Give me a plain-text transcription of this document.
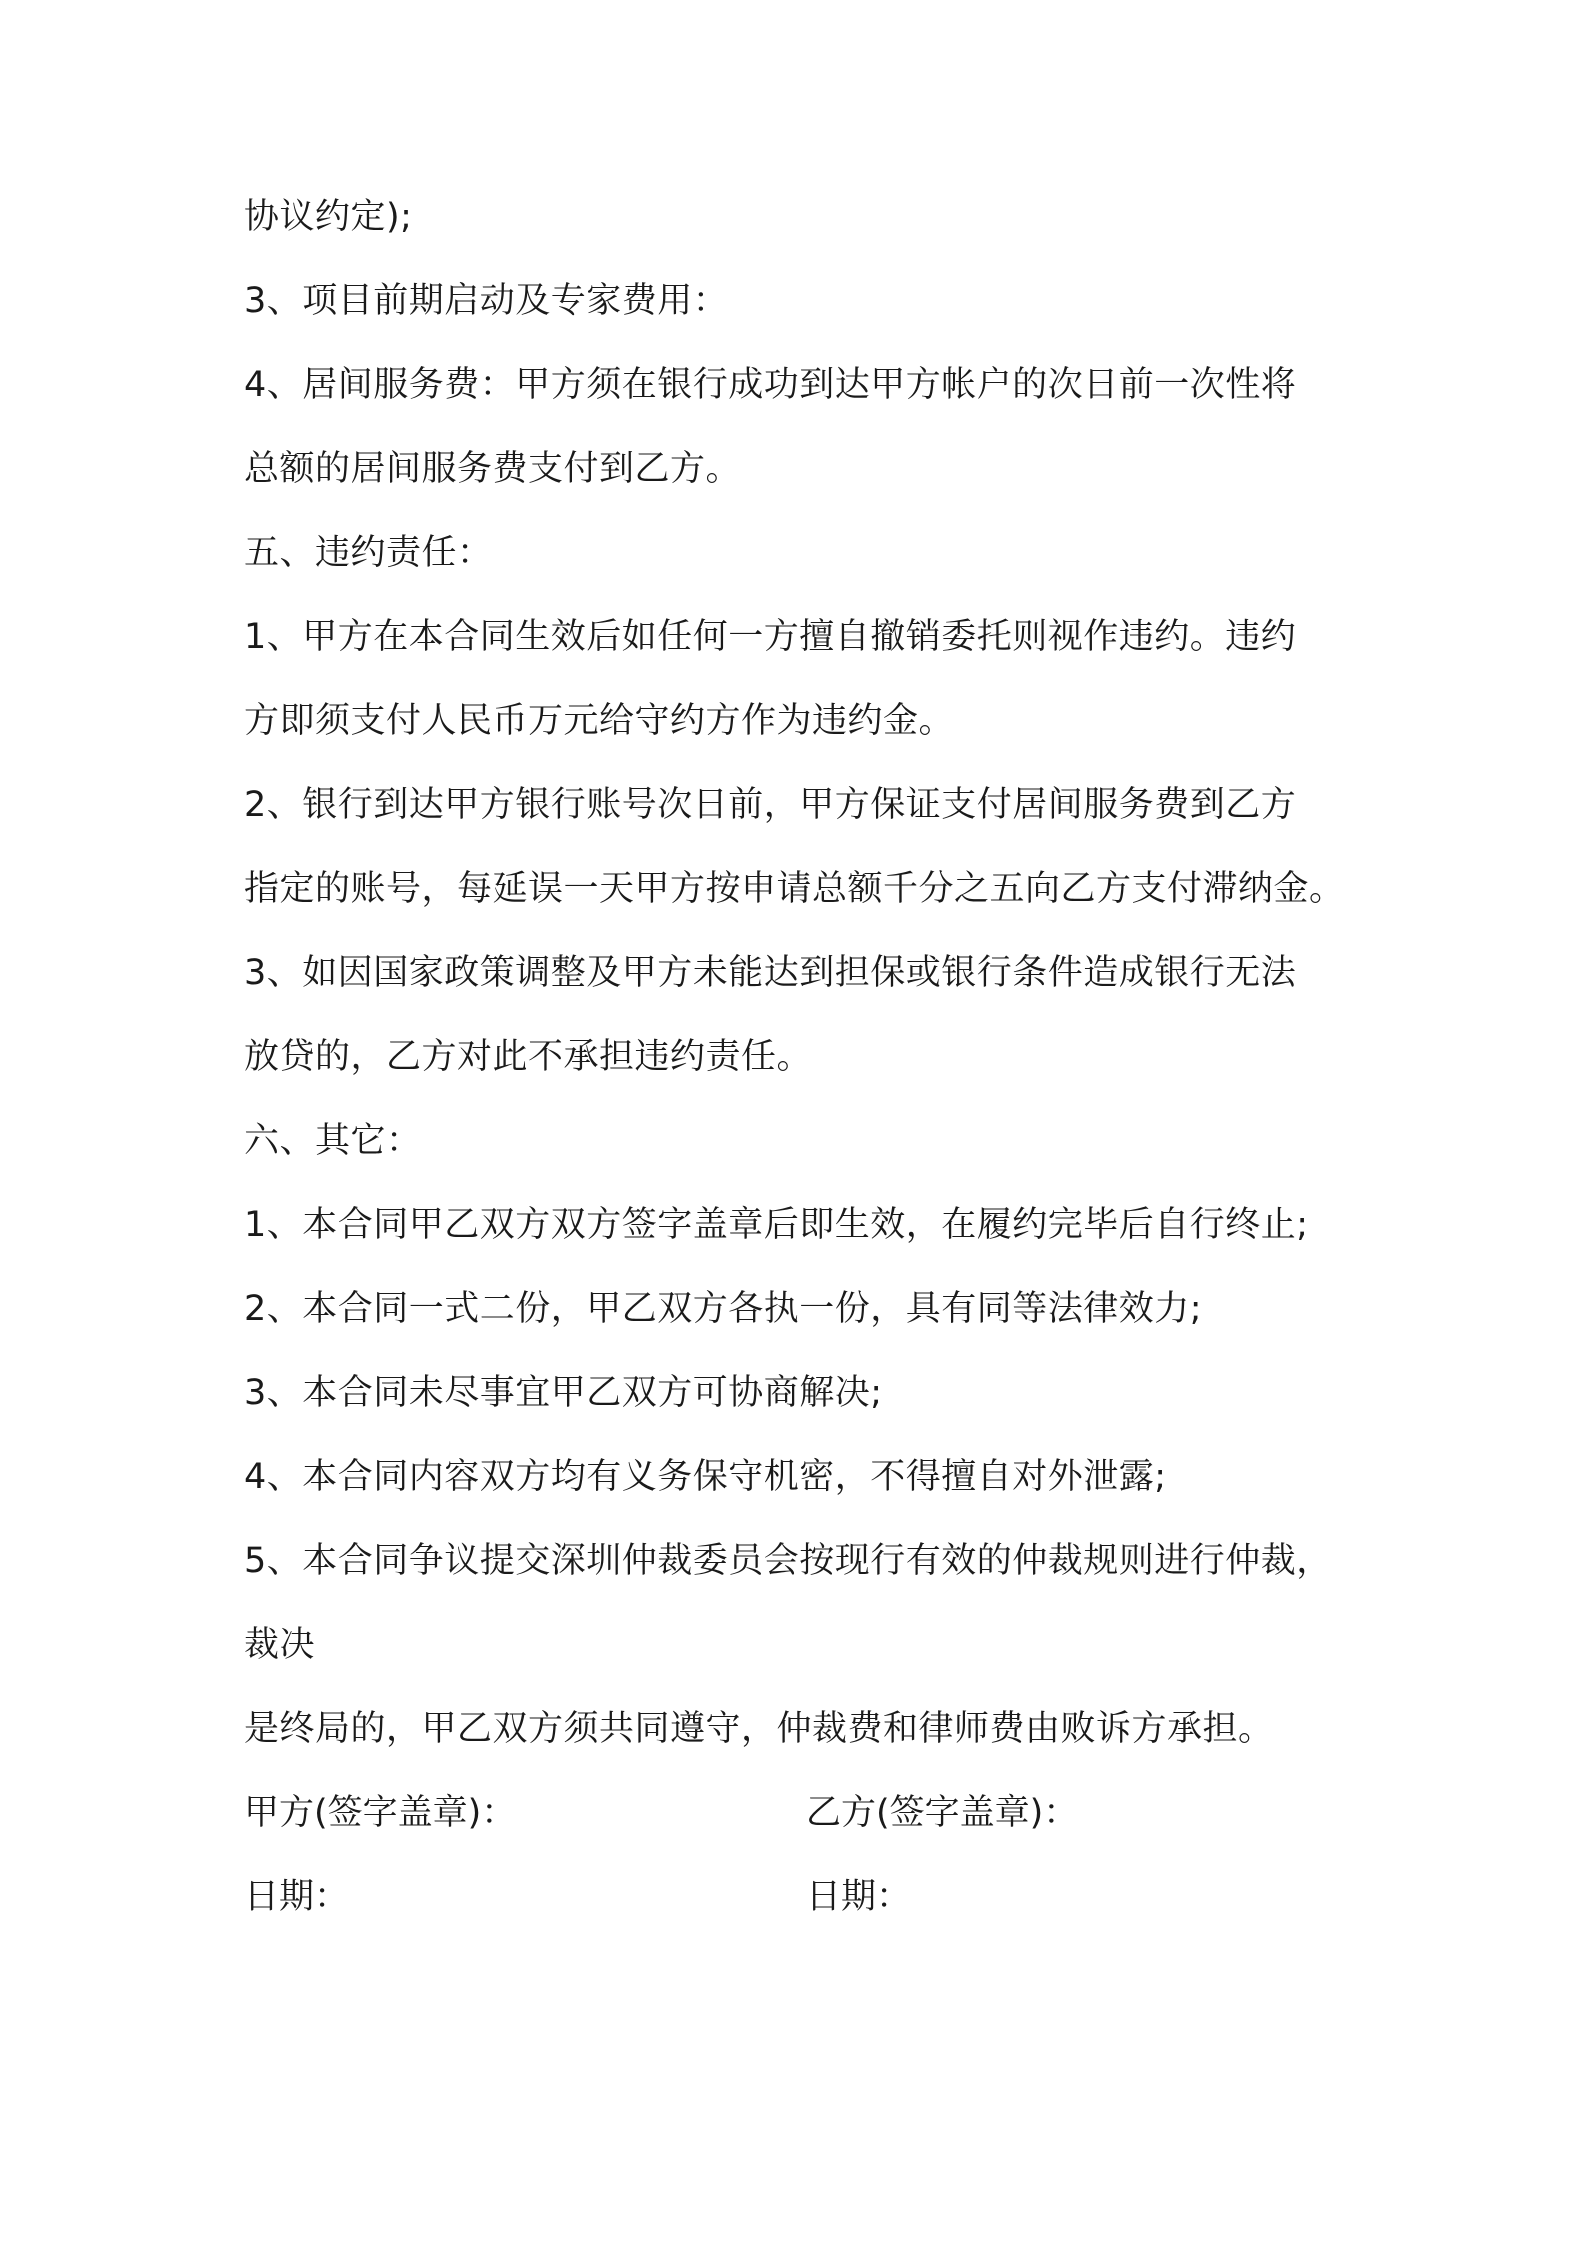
协议约定);
3、项目前期启动及专家费用：
4、居间服务费：甲方须在银行成功到达甲方帐户的次日前一次性将
总额的居间服务费支付到乙方。
五、违约责任：
1、甲方在本合同生效后如任何一方擅自撤销委托则视作违约。违约
方即须支付人民币万元给守约方作为违约金。
2、银行到达甲方银行账号次日前，甲方保证支付居间服务费到乙方
指定的账号，每延误一天甲方按申请总额千分之五向乙方支付滞纳金。
3、如因国家政策调整及甲方未能达到担保或银行条件造成银行无法
放贷的，乙方对此不承担违约责任。
六、其它：
1、本合同甲乙双方双方签字盖章后即生效，在履约完毕后自行终止;
2、本合同一式二份，甲乙双方各执一份，具有同等法律效力;
3、本合同未尽事宜甲乙双方可协商解决;
4、本合同内容双方均有义务保守机密，不得擅自对外泄露;
5、本合同争议提交深圳仲裁委员会按现行有效的仲裁规则进行仲裁，
裁决
是终局的，甲乙双方须共同遵守，仲裁费和律师费由败诉方承担。
甲方(签字盖章)：	乙方(签字盖章)：
日期：	日期：
